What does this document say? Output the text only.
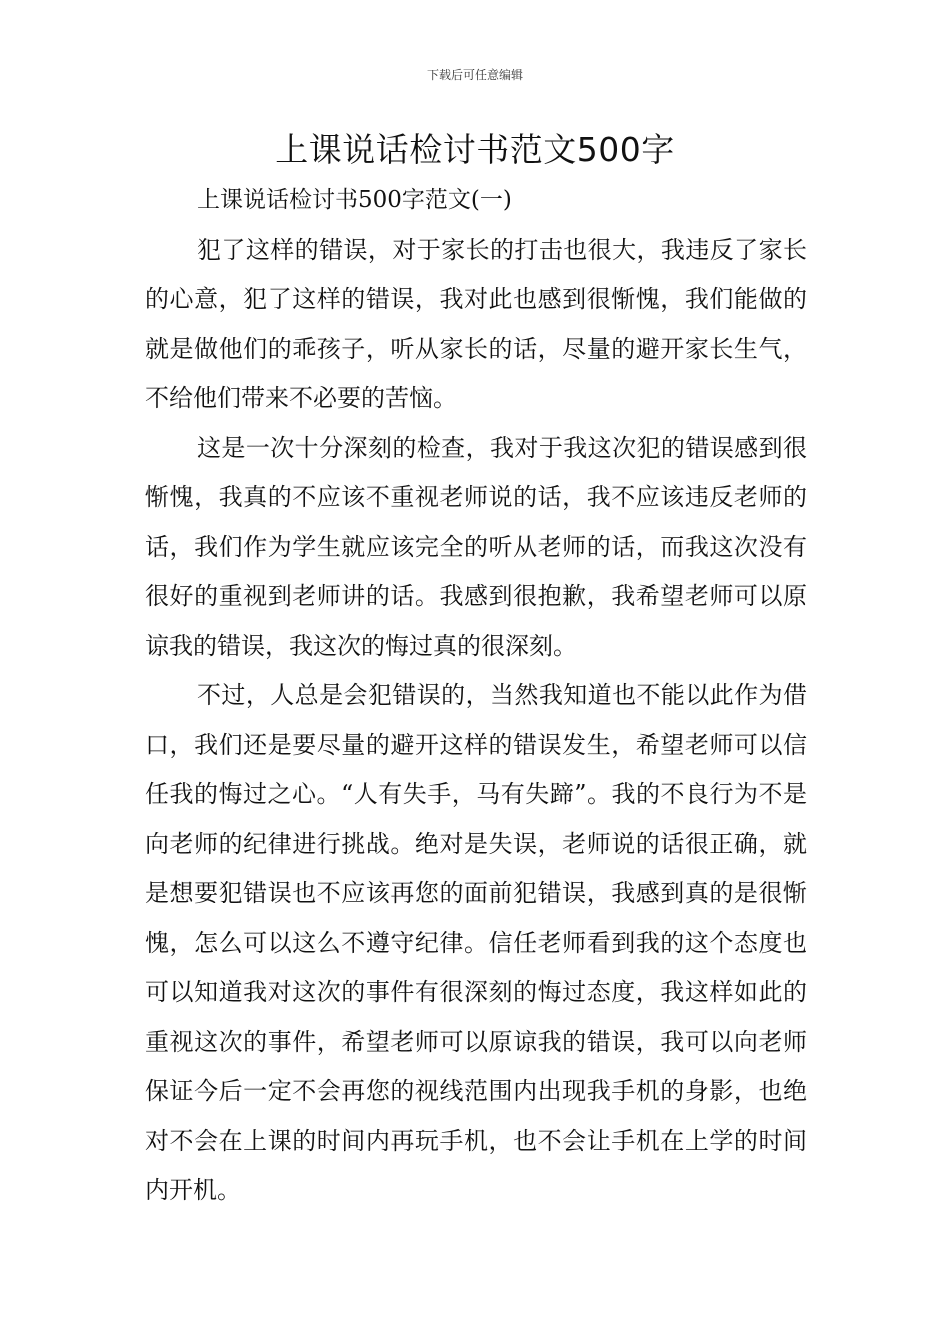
下载后可任意编辑
上课说话检讨书范文500字

上课说话检讨书500字范文(一)

犯了这样的错误，对于家长的打击也很大，我违反了家长的心意，犯了这样的错误，我对此也感到很惭愧，我们能做的就是做他们的乖孩子，听从家长的话，尽量的避开家长生气，不给他们带来不必要的苦恼。

这是一次十分深刻的检查，我对于我这次犯的错误感到很惭愧，我真的不应该不重视老师说的话，我不应该违反老师的话，我们作为学生就应该完全的听从老师的话，而我这次没有很好的重视到老师讲的话。我感到很抱歉，我希望老师可以原谅我的错误，我这次的悔过真的很深刻。

不过，人总是会犯错误的，当然我知道也不能以此作为借口，我们还是要尽量的避开这样的错误发生，希望老师可以信任我的悔过之心。“人有失手，马有失蹄”。我的不良行为不是向老师的纪律进行挑战。绝对是失误，老师说的话很正确，就是想要犯错误也不应该再您的面前犯错误，我感到真的是很惭愧，怎么可以这么不遵守纪律。信任老师看到我的这个态度也可以知道我对这次的事件有很深刻的悔过态度，我这样如此的重视这次的事件，希望老师可以原谅我的错误，我可以向老师保证今后一定不会再您的视线范围内出现我手机的身影，也绝对不会在上课的时间内再玩手机，也不会让手机在上学的时间内开机。
